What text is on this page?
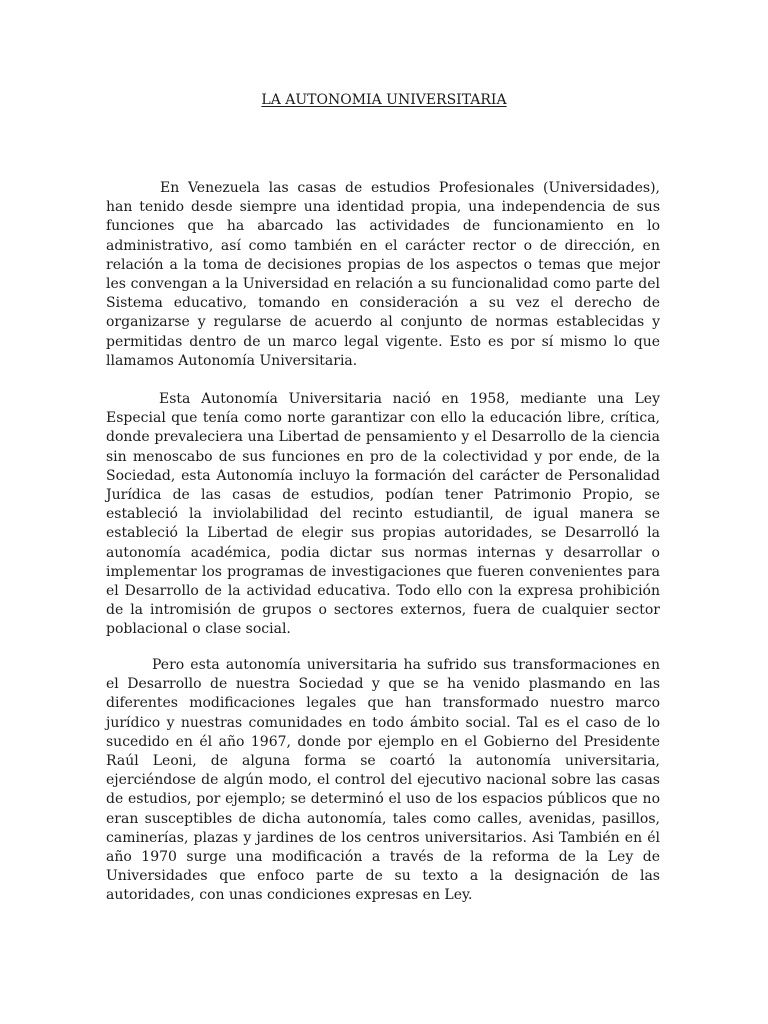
LA AUTONOMIA UNIVERSITARIA

En Venezuela las casas de estudios Profesionales (Universidades), han tenido desde siempre una identidad propia, una independencia de sus funciones que ha abarcado las actividades de funcionamiento en lo administrativo, así como también en el carácter rector o de dirección, en relación a la toma de decisiones propias de los aspectos o temas que mejor les convengan a la Universidad en relación a su funcionalidad como parte del Sistema educativo, tomando en consideración a su vez el derecho de organizarse y regularse de acuerdo al conjunto de normas establecidas y permitidas dentro de un marco legal vigente. Esto es por sí mismo lo que llamamos Autonomía Universitaria.

Esta Autonomía Universitaria nació en 1958, mediante una Ley Especial que tenía como norte garantizar con ello la educación libre, crítica, donde prevaleciera una Libertad de pensamiento y el Desarrollo de la ciencia sin menoscabo de sus funciones en pro de la colectividad y por ende, de la Sociedad, esta Autonomía incluyo la formación del carácter de Personalidad Jurídica de las casas de estudios, podían tener Patrimonio Propio, se estableció la inviolabilidad del recinto estudiantil, de igual manera se estableció la Libertad de elegir sus propias autoridades, se Desarrolló la autonomía académica, podia dictar sus normas internas y desarrollar o implementar los programas de investigaciones que fueren convenientes para el Desarrollo de la actividad educativa. Todo ello con la expresa prohibición de la intromisión de grupos o sectores externos, fuera de cualquier sector poblacional o clase social.

Pero esta autonomía universitaria ha sufrido sus transformaciones en el Desarrollo de nuestra Sociedad y que se ha venido plasmando en las diferentes modificaciones legales que han transformado nuestro marco jurídico y nuestras comunidades en todo ámbito social. Tal es el caso de lo sucedido en él año 1967, donde por ejemplo en el Gobierno del Presidente Raúl Leoni, de alguna forma se coartó la autonomía universitaria, ejerciéndose de algún modo, el control del ejecutivo nacional sobre las casas de estudios, por ejemplo; se determinó el uso de los espacios públicos que no eran susceptibles de dicha autonomía, tales como calles, avenidas, pasillos, caminerías, plazas y jardines de los centros universitarios. Asi También en él año 1970 surge una modificación a través de la reforma de la Ley de Universidades que enfoco parte de su texto a la designación de las autoridades, con unas condiciones expresas en Ley.
